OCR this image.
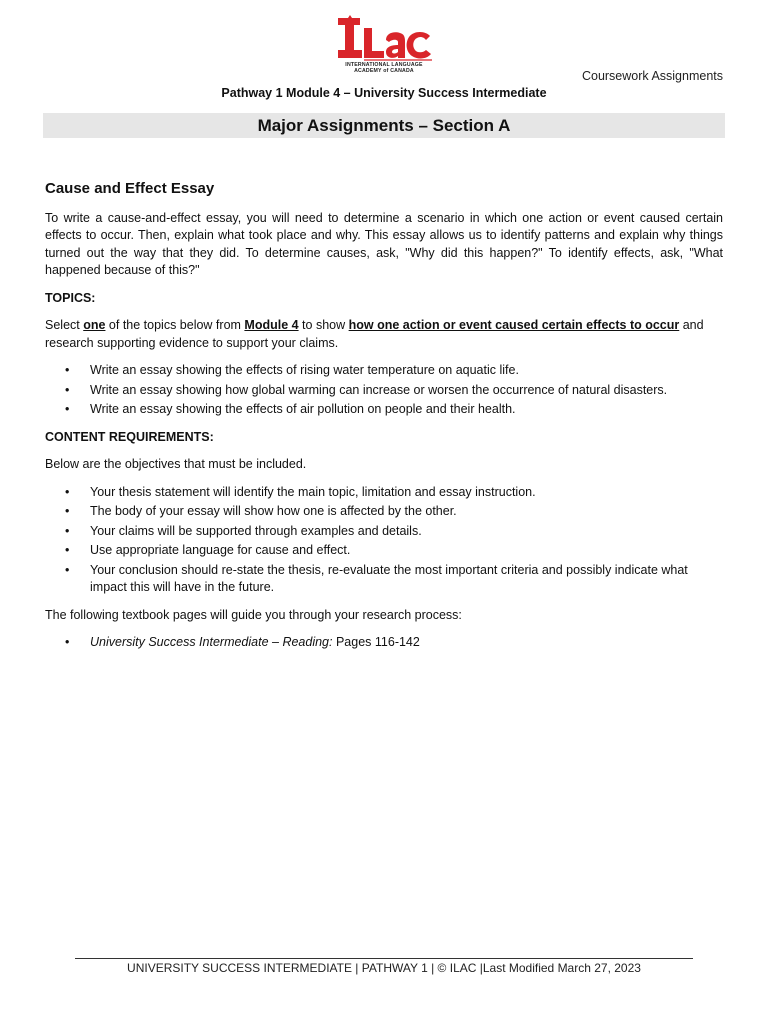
INTERNATIONAL LANGUAGE
ACADEMY of CANADA	Coursework Assignments
Pathway 1 Module 4 – University Success Intermediate
Major Assignments – Section A
Cause and Effect Essay

To write a cause-and-effect essay, you will need to determine a scenario in which one action or event caused certain effects to occur. Then, explain what took place and why. This essay allows us to identify patterns and explain why things turned out the way that they did. To determine causes, ask, "Why did this happen?" To identify effects, ask, "What happened because of this?"

TOPICS:

Select one of the topics below from Module 4 to show how one action or event caused certain effects to occur and research supporting evidence to support your claims.

• Write an essay showing the effects of rising water temperature on aquatic life.
• Write an essay showing how global warming can increase or worsen the occurrence of natural disasters.
• Write an essay showing the effects of air pollution on people and their health.

CONTENT REQUIREMENTS:

Below are the objectives that must be included.

• Your thesis statement will identify the main topic, limitation and essay instruction.
• The body of your essay will show how one is affected by the other.
• Your claims will be supported through examples and details.
• Use appropriate language for cause and effect.
• Your conclusion should re-state the thesis, re-evaluate the most important criteria and possibly indicate what impact this will have in the future.

The following textbook pages will guide you through your research process:

• University Success Intermediate – Reading: Pages 116-142
UNIVERSITY SUCCESS INTERMEDIATE | PATHWAY 1 | © ILAC |Last Modified March 27, 2023
